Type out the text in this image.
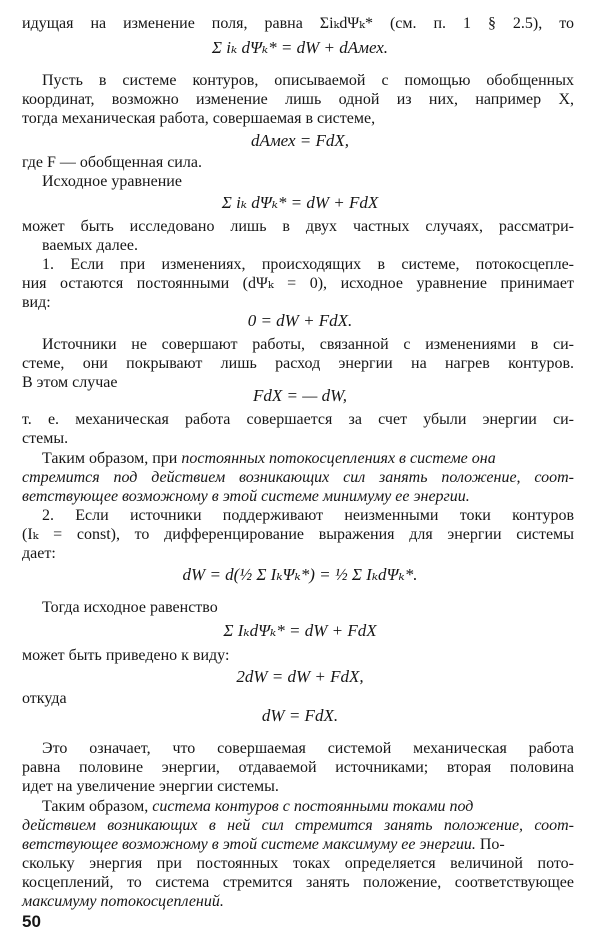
идущая на изменение поля, равна ΣiₖdΨₖ* (см. п. 1 § 2.5), то
Σ iₖ dΨₖ* = dW + dAмех.
Пусть в системе контуров, описываемой с помощью обобщенных
координат, возможно изменение лишь одной из них, например X,
тогда механическая работа, совершаемая в системе,
dAмех = FdX,
где F — обобщенная сила.
Исходное уравнение
Σ iₖ dΨₖ* = dW + FdX
может быть исследовано лишь в двух частных случаях, рассматри-
ваемых далее.
1. Если при изменениях, происходящих в системе, потокосцепле-
ния остаются постоянными (dΨₖ = 0), исходное уравнение принимает
вид:
0 = dW + FdX.
Источники не совершают работы, связанной с изменениями в си-
стеме, они покрывают лишь расход энергии на нагрев контуров.
В этом случае
FdX = — dW,
т. е. механическая работа совершается за счет убыли энергии си-
стемы.
Таким образом, при постоянных потокосцеплениях в системе она
стремится под действием возникающих сил занять положение, соот-
ветствующее возможному в этой системе минимуму ее энергии.
2. Если источники поддерживают неизменными токи контуров
(Iₖ = const), то дифференцирование выражения для энергии системы
дает:
dW = d(½ Σ IₖΨₖ*) = ½ Σ IₖdΨₖ*.
Тогда исходное равенство
Σ IₖdΨₖ* = dW + FdX
может быть приведено к виду:
2dW = dW + FdX,
откуда
dW = FdX.
Это означает, что совершаемая системой механическая работа
равна половине энергии, отдаваемой источниками; вторая половина
идет на увеличение энергии системы.
Таким образом, система контуров с постоянными токами под
действием возникающих в ней сил стремится занять положение, соот-
ветствующее возможному в этой системе максимуму ее энергии. По-
скольку энергия при постоянных токах определяется величиной пото-
косцеплений, то система стремится занять положение, соответствующее
максимуму потокосцеплений.
50
